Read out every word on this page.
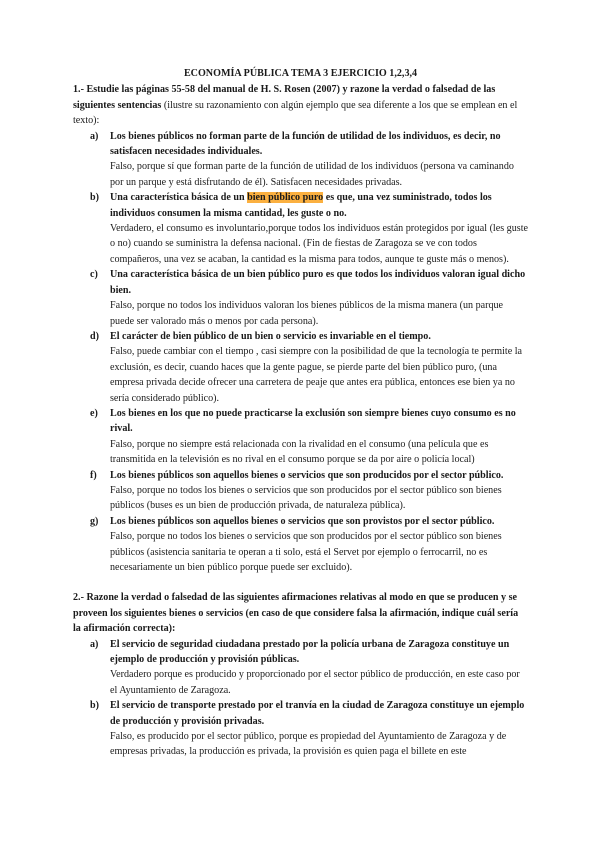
ECONOMÍA PÚBLICA TEMA 3 EJERCICIO 1,2,3,4

1.- Estudie las páginas 55-58 del manual de H. S. Rosen (2007) y razone la verdad o falsedad de las siguientes sentencias (ilustre su razonamiento con algún ejemplo que sea diferente a los que se emplean en el texto):

a) Los bienes públicos no forman parte de la función de utilidad de los individuos, es decir, no satisfacen necesidades individuales.
Falso, porque sí que forman parte de la función de utilidad de los individuos (persona va caminando por un parque y está disfrutando de él). Satisfacen necesidades privadas.
b) Una característica básica de un bien público puro es que, una vez suministrado, todos los individuos consumen la misma cantidad, les guste o no.
Verdadero, el consumo es involuntario,porque todos los individuos están protegidos por igual (les guste o no) cuando se suministra la defensa nacional. (Fin de fiestas de Zaragoza se ve con todos compañeros, una vez se acaban, la cantidad es la misma para todos, aunque te guste más o menos).
c) Una característica básica de un bien público puro es que todos los individuos valoran igual dicho bien.
Falso, porque no todos los individuos valoran los bienes públicos de la misma manera (un parque puede ser valorado más o menos por cada persona).
d) El carácter de bien público de un bien o servicio es invariable en el tiempo.
Falso, puede cambiar con el tiempo , casi siempre con la posibilidad de que la tecnología te permite la exclusión, es decir, cuando haces que la gente pague, se pierde parte del bien público puro, (una empresa privada decide ofrecer una carretera de peaje que antes era pública, entonces ese bien ya no sería considerado público).
e) Los bienes en los que no puede practicarse la exclusión son siempre bienes cuyo consumo es no rival.
Falso, porque no siempre está relacionada con la rivalidad en el consumo (una película que es transmitida en la televisión es no rival en el consumo porque se da por aire o policía local)
f) Los bienes públicos son aquellos bienes o servicios que son producidos por el sector público.
Falso, porque no todos los bienes o servicios que son producidos por el sector público son bienes públicos (buses es un bien de producción privada, de naturaleza pública).
g) Los bienes públicos son aquellos bienes o servicios que son provistos por el sector público.
Falso, porque no todos los bienes o servicios que son producidos por el sector público son bienes públicos (asistencia sanitaria te operan a ti solo, está el Servet por ejemplo o ferrocarril, no es necesariamente un bien público porque puede ser excluido).

2.- Razone la verdad o falsedad de las siguientes afirmaciones relativas al modo en que se producen y se proveen los siguientes bienes o servicios (en caso de que considere falsa la afirmación, indique cuál sería la afirmación correcta):

a) El servicio de seguridad ciudadana prestado por la policía urbana de Zaragoza constituye un ejemplo de producción y provisión públicas.
Verdadero porque es producido y proporcionado por el sector público de producción, en este caso por el Ayuntamiento de Zaragoza.
b) El servicio de transporte prestado por el tranvía en la ciudad de Zaragoza constituye un ejemplo de producción y provisión privadas.
Falso, es producido por el sector público, porque es propiedad del Ayuntamiento de Zaragoza y de empresas privadas, la producción es privada, la provisión es quien paga el billete en este
